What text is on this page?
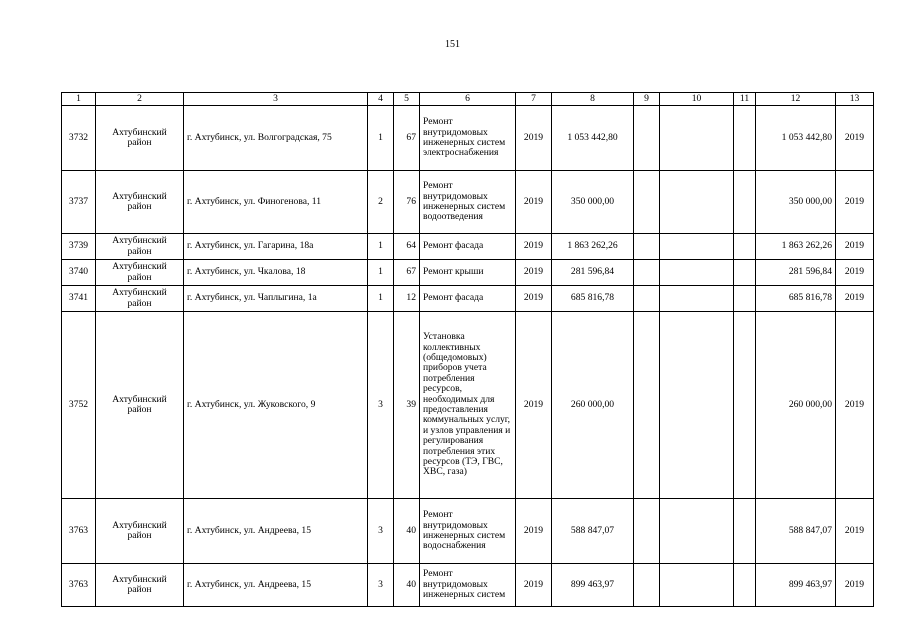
151
1	2	3	4	5	6	7	8	9	10	11	12	13
3732	Ахтубинский район	г. Ахтубинск, ул. Волгоградская, 75	1	67	Ремонт внутридомовых инженерных систем электроснабжения	2019	1 053 442,80				1 053 442,80	2019
3737	Ахтубинский район	г. Ахтубинск, ул. Финогенова, 11	2	76	Ремонт внутридомовых инженерных систем водоотведения	2019	350 000,00				350 000,00	2019
3739	Ахтубинский район	г. Ахтубинск, ул. Гагарина, 18а	1	64	Ремонт фасада	2019	1 863 262,26				1 863 262,26	2019
3740	Ахтубинский район	г. Ахтубинск, ул. Чкалова, 18	1	67	Ремонт крыши	2019	281 596,84				281 596,84	2019
3741	Ахтубинский район	г. Ахтубинск, ул. Чаплыгина, 1а	1	12	Ремонт фасада	2019	685 816,78				685 816,78	2019
3752	Ахтубинский район	г. Ахтубинск, ул. Жуковского, 9	3	39	Установка коллективных (общедомовых) приборов учета потребления ресурсов, необходимых для предоставления коммунальных услуг, и узлов управления и регулирования потребления этих ресурсов (ТЭ, ГВС, ХВС, газа)	2019	260 000,00				260 000,00	2019
3763	Ахтубинский район	г. Ахтубинск, ул. Андреева, 15	3	40	Ремонт внутридомовых инженерных систем водоснабжения	2019	588 847,07				588 847,07	2019
3763	Ахтубинский район	г. Ахтубинск, ул. Андреева, 15	3	40	Ремонт внутридомовых инженерных систем	2019	899 463,97				899 463,97	2019
